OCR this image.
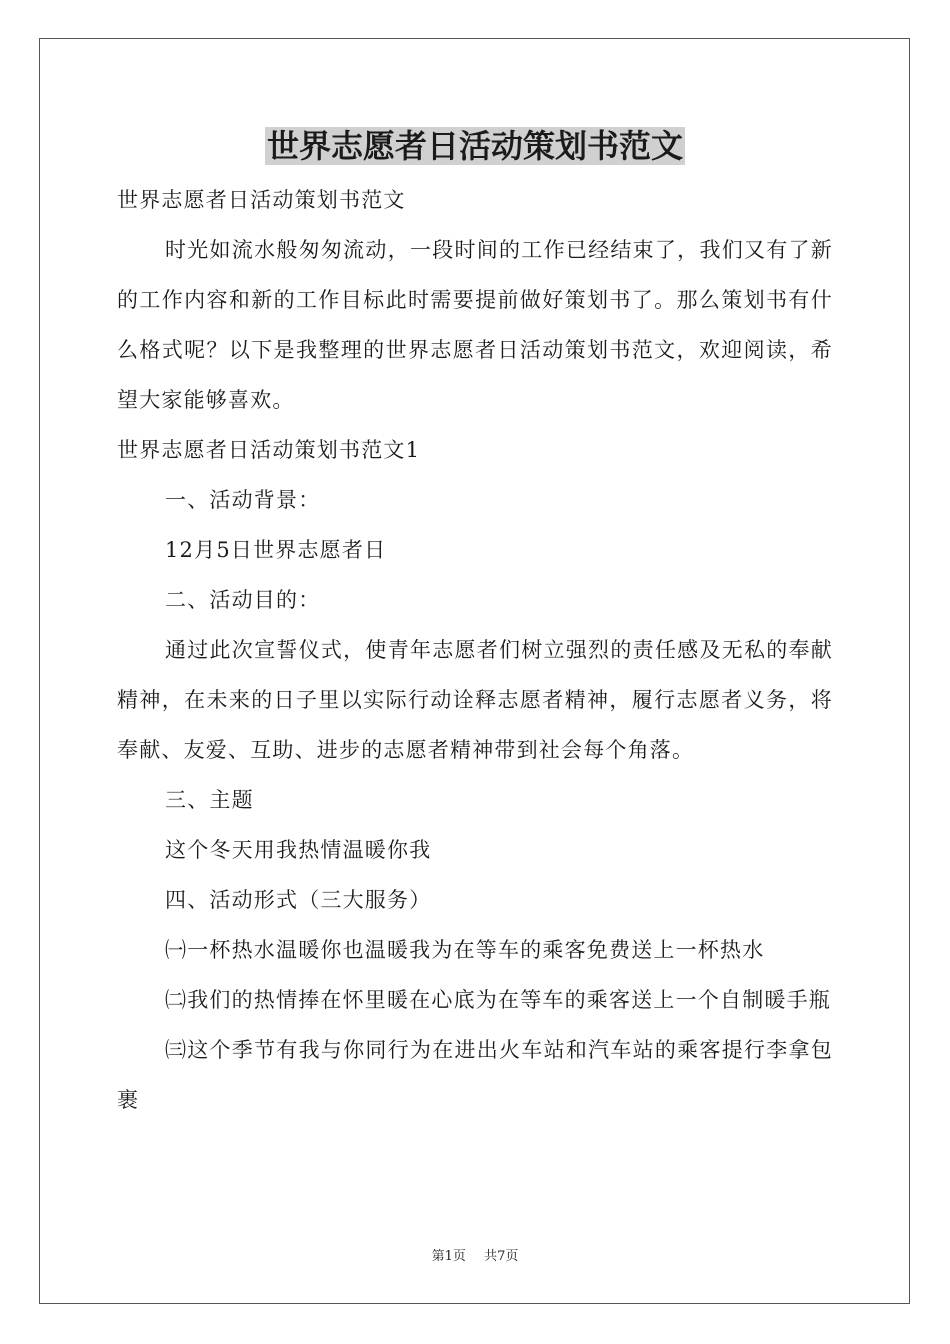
世界志愿者日活动策划书范文

世界志愿者日活动策划书范文

时光如流水般匆匆流动，一段时间的工作已经结束了，我们又有了新的工作内容和新的工作目标此时需要提前做好策划书了。那么策划书有什么格式呢？以下是我整理的世界志愿者日活动策划书范文，欢迎阅读，希望大家能够喜欢。

世界志愿者日活动策划书范文1

一、活动背景：

12月5日世界志愿者日

二、活动目的：

通过此次宣誓仪式，使青年志愿者们树立强烈的责任感及无私的奉献精神，在未来的日子里以实际行动诠释志愿者精神，履行志愿者义务，将奉献、友爱、互助、进步的志愿者精神带到社会每个角落。

三、主题

这个冬天用我热情温暖你我

四、活动形式（三大服务）

㈠一杯热水温暖你也温暖我为在等车的乘客免费送上一杯热水

㈡我们的热情捧在怀里暖在心底为在等车的乘客送上一个自制暖手瓶

㈢这个季节有我与你同行为在进出火车站和汽车站的乘客提行李拿包裹

第1页 共7页
